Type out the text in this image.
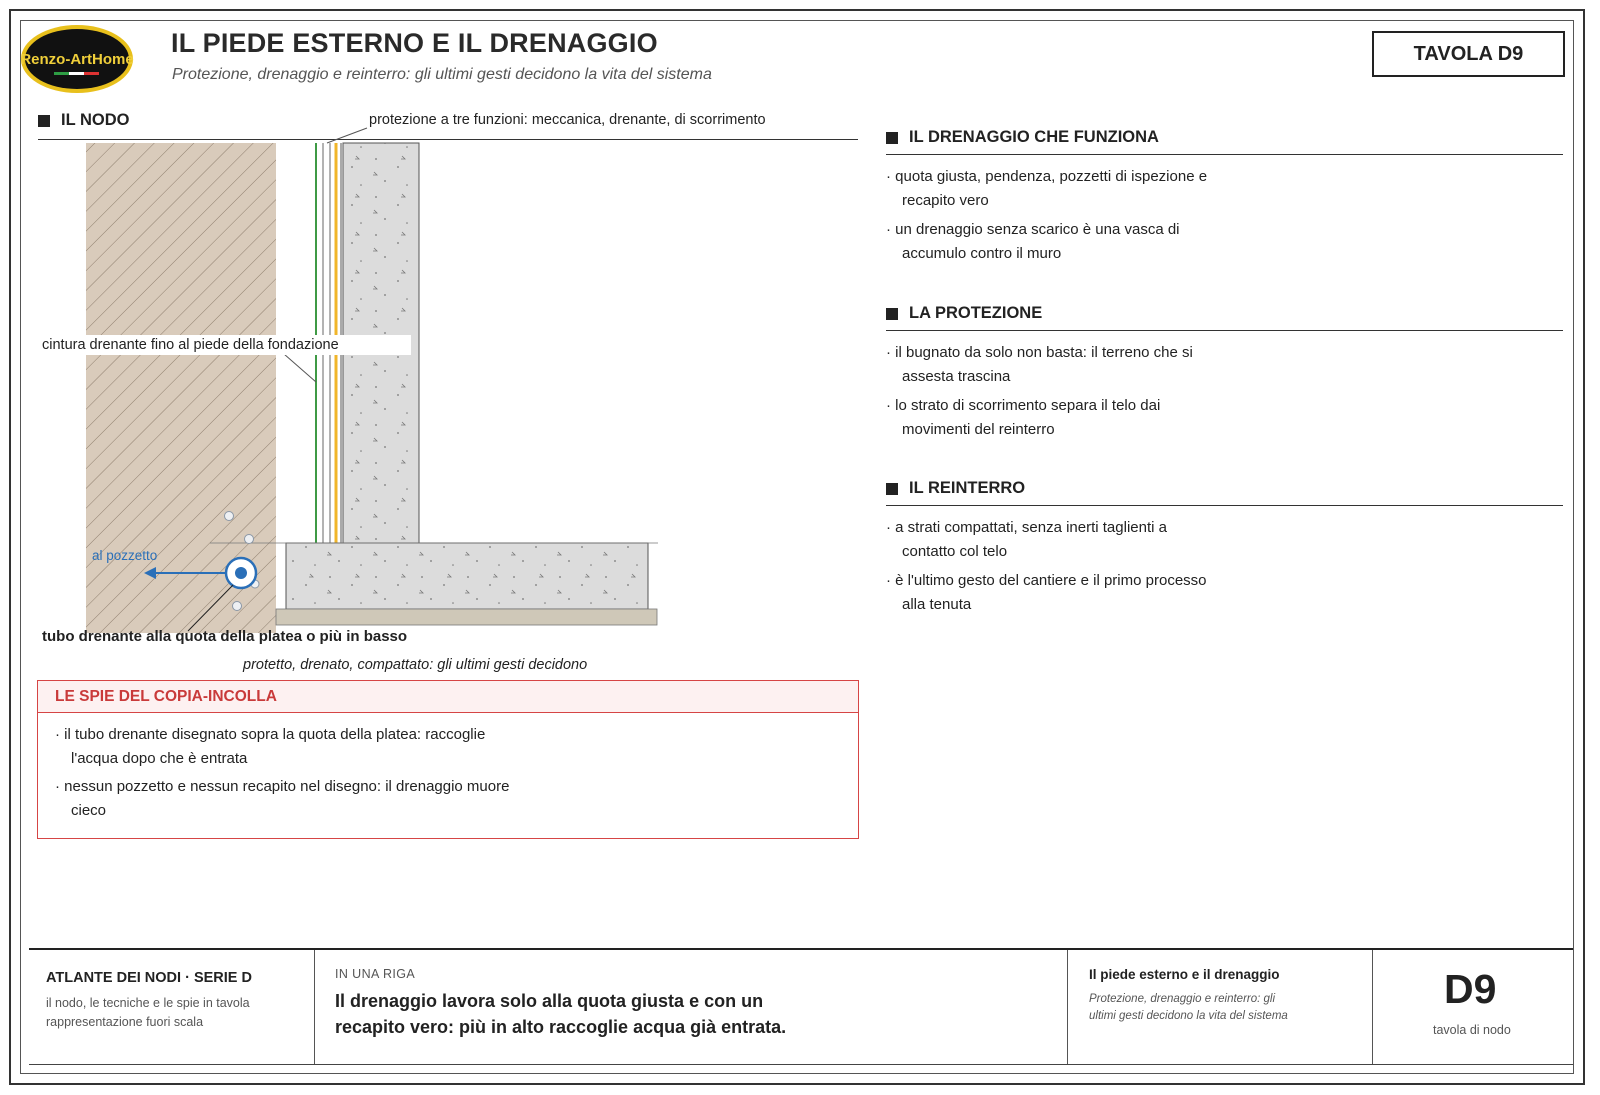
Renzo-ArtHome
IL PIEDE ESTERNO E IL DRENAGGIO
Protezione, drenaggio e reinterro: gli ultimi gesti decidono la vita del sistema
TAVOLA D9
IL NODO	protezione a tre funzioni: meccanica, drenante, di scorrimento
cintura drenante fino al piede della fondazione
al pozzetto
tubo drenante alla quota della platea o più in basso
protetto, drenato, compattato: gli ultimi gesti decidono
LE SPIE DEL COPIA-INCOLLA
· il tubo drenante disegnato sopra la quota della platea: raccoglie
l'acqua dopo che è entrata
· nessun pozzetto e nessun recapito nel disegno: il drenaggio muore
cieco
IL DRENAGGIO CHE FUNZIONA
· quota giusta, pendenza, pozzetti di ispezione e
recapito vero
· un drenaggio senza scarico è una vasca di
accumulo contro il muro
LA PROTEZIONE
· il bugnato da solo non basta: il terreno che si
assesta trascina
· lo strato di scorrimento separa il telo dai
movimenti del reinterro
IL REINTERRO
· a strati compattati, senza inerti taglienti a
contatto col telo
· è l'ultimo gesto del cantiere e il primo processo
alla tenuta
ATLANTE DEI NODI · SERIE D
il nodo, le tecniche e le spie in tavola
rappresentazione fuori scala
IN UNA RIGA
Il drenaggio lavora solo alla quota giusta e con un
recapito vero: più in alto raccoglie acqua già entrata.
Il piede esterno e il drenaggio
Protezione, drenaggio e reinterro: gli
ultimi gesti decidono la vita del sistema
D9
tavola di nodo
